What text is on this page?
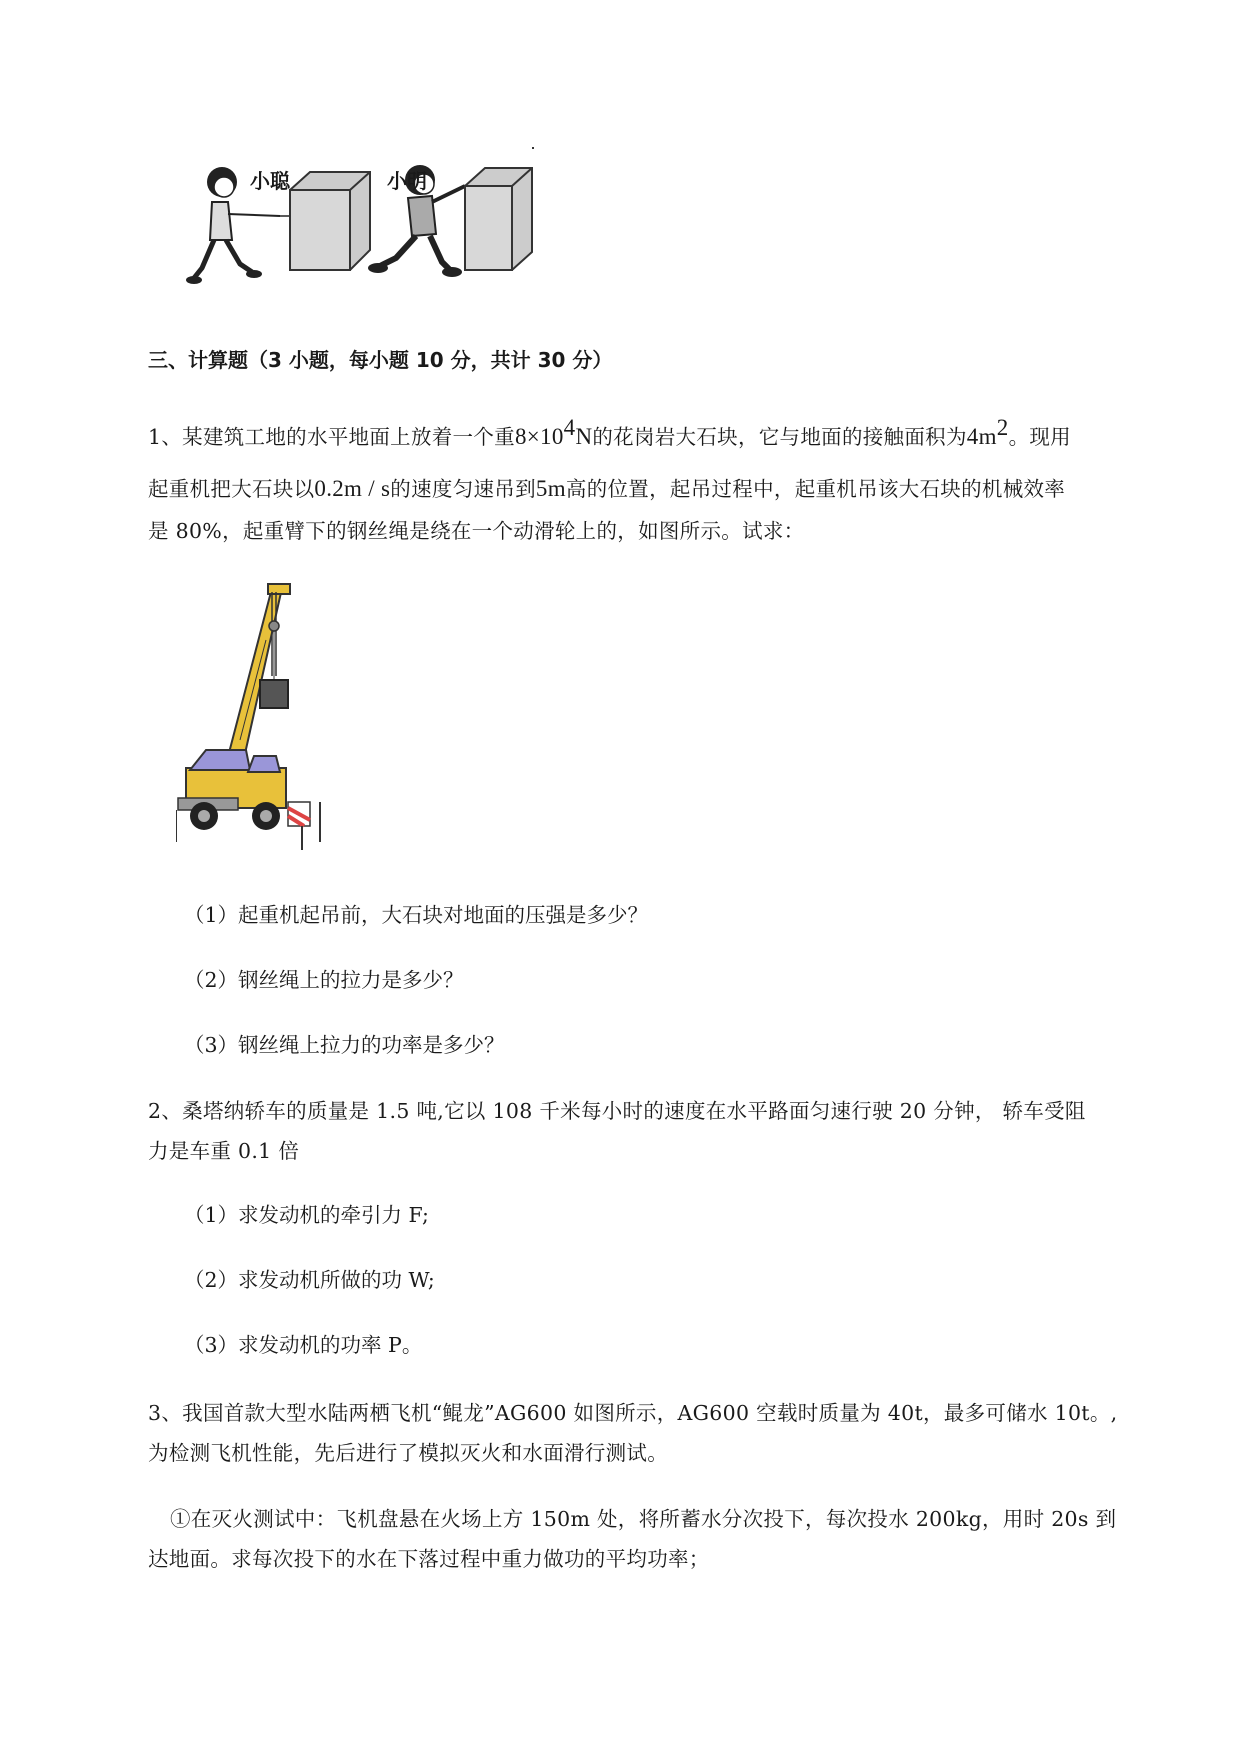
小聪	小明
三、计算题（3 小题，每小题 10 分，共计 30 分）
1、某建筑工地的水平地面上放着一个重$8\times 10^4N$的花岗岩大石块，它与地面的接触面积为$4m^2$。现用
起重机把大石块以0.2m / s的速度匀速吊到5m高的位置，起吊过程中，起重机吊该大石块的机械效率
是 80%，起重臂下的钢丝绳是绕在一个动滑轮上的，如图所示。试求：
（1）起重机起吊前，大石块对地面的压强是多少？
（2）钢丝绳上的拉力是多少？
（3）钢丝绳上拉力的功率是多少？
2、桑塔纳轿车的质量是 1.5 吨,它以 108 千米每小时的速度在水平路面匀速行驶 20 分钟， 轿车受阻
力是车重 0.1 倍
（1）求发动机的牵引力 F;
（2）求发动机所做的功 W;
（3）求发动机的功率 P。
3、我国首款大型水陆两栖飞机“鲲龙”AG600 如图所示，AG600 空载时质量为 40t，最多可储水 10t。,
为检测飞机性能，先后进行了模拟灭火和水面滑行测试。
①在灭火测试中：飞机盘悬在火场上方 150m 处，将所蓄水分次投下，每次投水 200kg，用时 20s 到
达地面。求每次投下的水在下落过程中重力做功的平均功率；
